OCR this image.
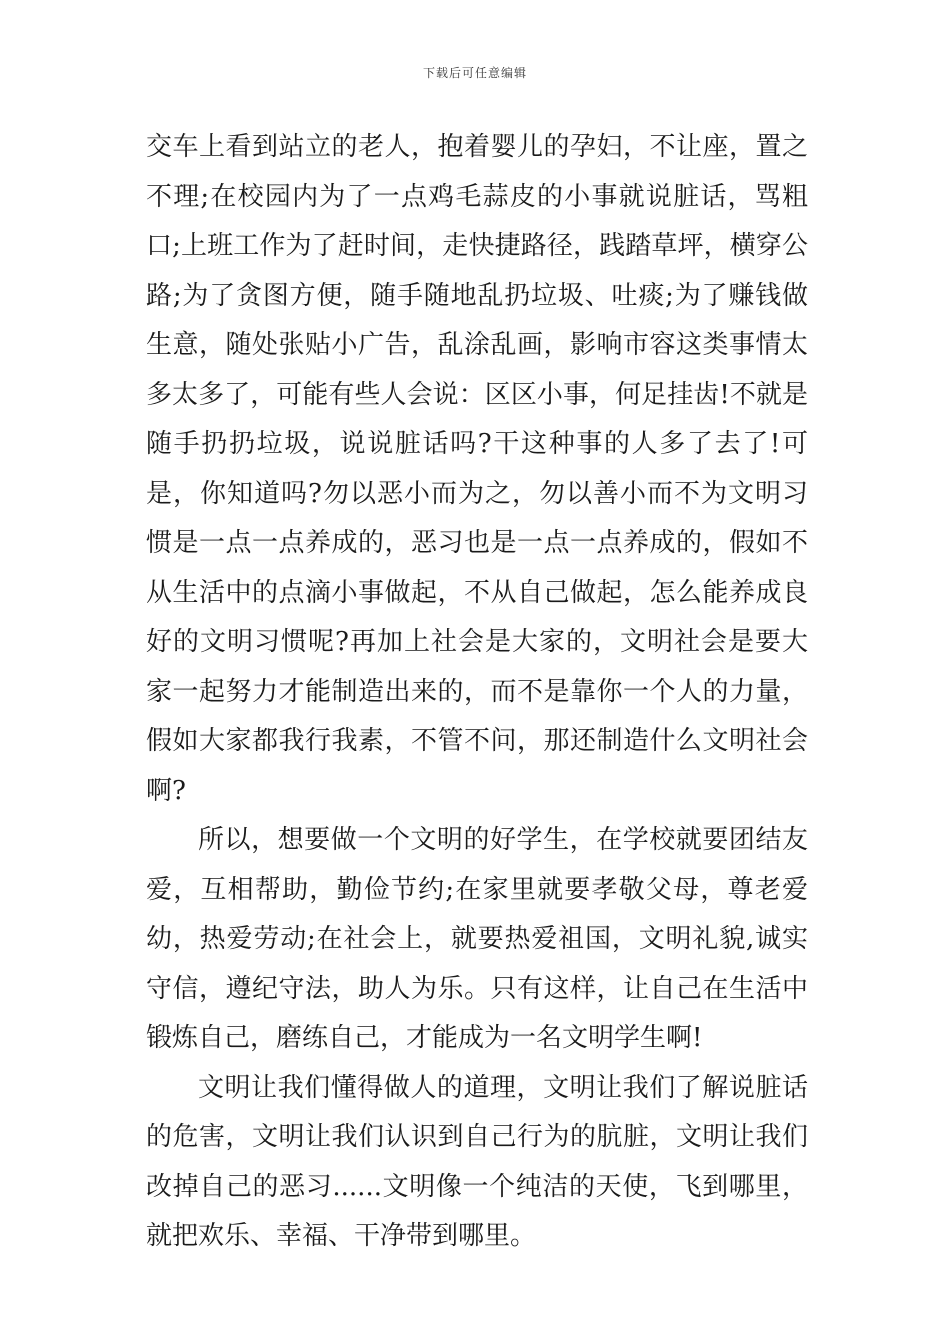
下载后可任意编辑

交车上看到站立的老人，抱着婴儿的孕妇，不让座，置之不理;在校园内为了一点鸡毛蒜皮的小事就说脏话，骂粗口;上班工作为了赶时间，走快捷路径，践踏草坪，横穿公路;为了贪图方便，随手随地乱扔垃圾、吐痰;为了赚钱做生意，随处张贴小广告，乱涂乱画，影响市容这类事情太多太多了，可能有些人会说：区区小事，何足挂齿!不就是随手扔扔垃圾，说说脏话吗?干这种事的人多了去了!可是，你知道吗?勿以恶小而为之，勿以善小而不为文明习惯是一点一点养成的，恶习也是一点一点养成的，假如不从生活中的点滴小事做起，不从自己做起，怎么能养成良好的文明习惯呢?再加上社会是大家的，文明社会是要大家一起努力才能制造出来的，而不是靠你一个人的力量，假如大家都我行我素，不管不问，那还制造什么文明社会啊?

所以，想要做一个文明的好学生，在学校就要团结友爱，互相帮助，勤俭节约;在家里就要孝敬父母，尊老爱幼，热爱劳动;在社会上，就要热爱祖国，文明礼貌,诚实守信，遵纪守法，助人为乐。只有这样，让自己在生活中锻炼自己，磨练自己，才能成为一名文明学生啊!

文明让我们懂得做人的道理，文明让我们了解说脏话的危害，文明让我们认识到自己行为的肮脏，文明让我们改掉自己的恶习......文明像一个纯洁的天使，飞到哪里，就把欢乐、幸福、干净带到哪里。
